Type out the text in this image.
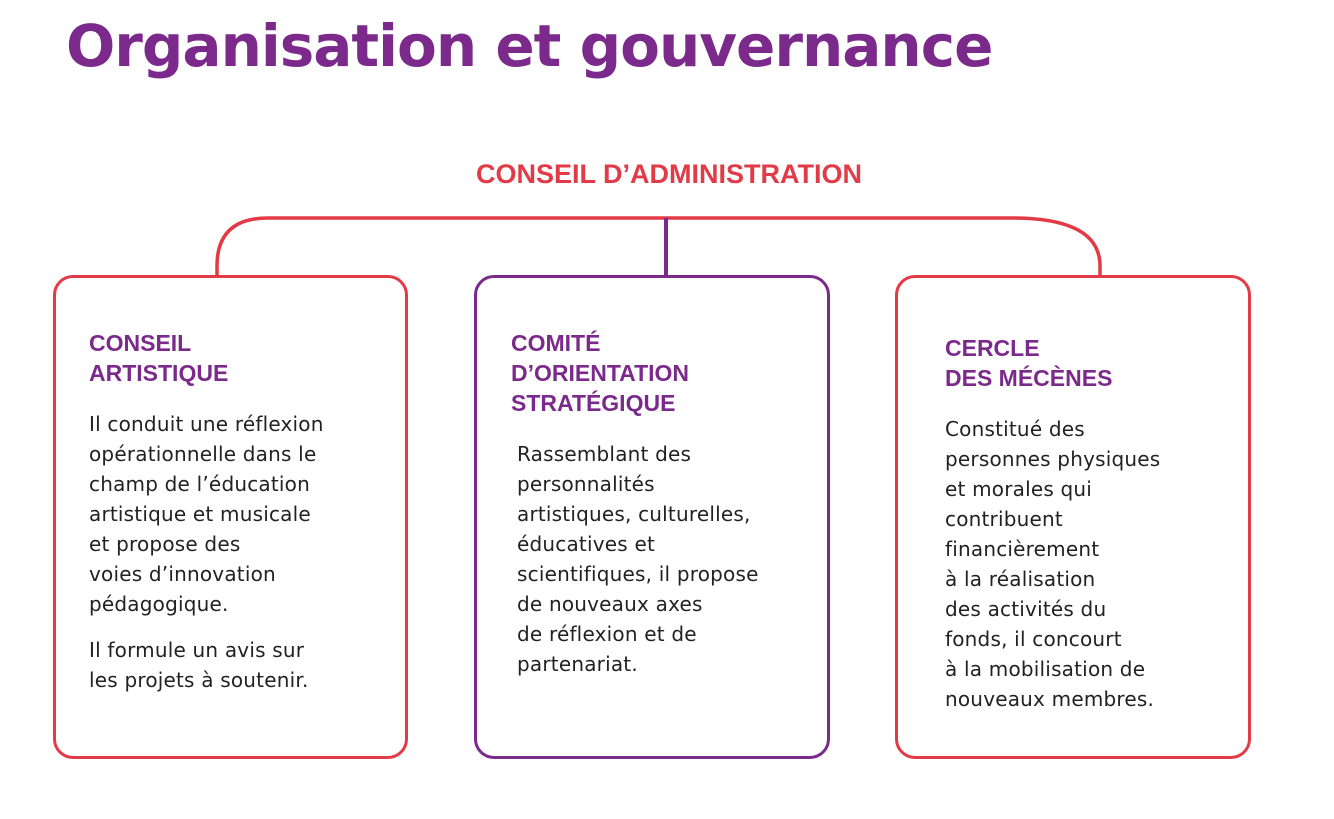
Organisation et gouvernance
CONSEIL D’ADMINISTRATION
CONSEIL
ARTISTIQUE

Il conduit une réflexion
opérationnelle dans le
champ de l’éducation
artistique et musicale
et propose des
voies d’innovation
pédagogique.

Il formule un avis sur
les projets à soutenir.

COMITÉ
D’ORIENTATION
STRATÉGIQUE

Rassemblant des
personnalités
artistiques, culturelles,
éducatives et
scientifiques, il propose
de nouveaux axes
de réflexion et de
partenariat.

CERCLE
DES MÉCÈNES

Constitué des
personnes physiques
et morales qui
contribuent
financièrement
à la réalisation
des activités du
fonds, il concourt
à la mobilisation de
nouveaux membres.
